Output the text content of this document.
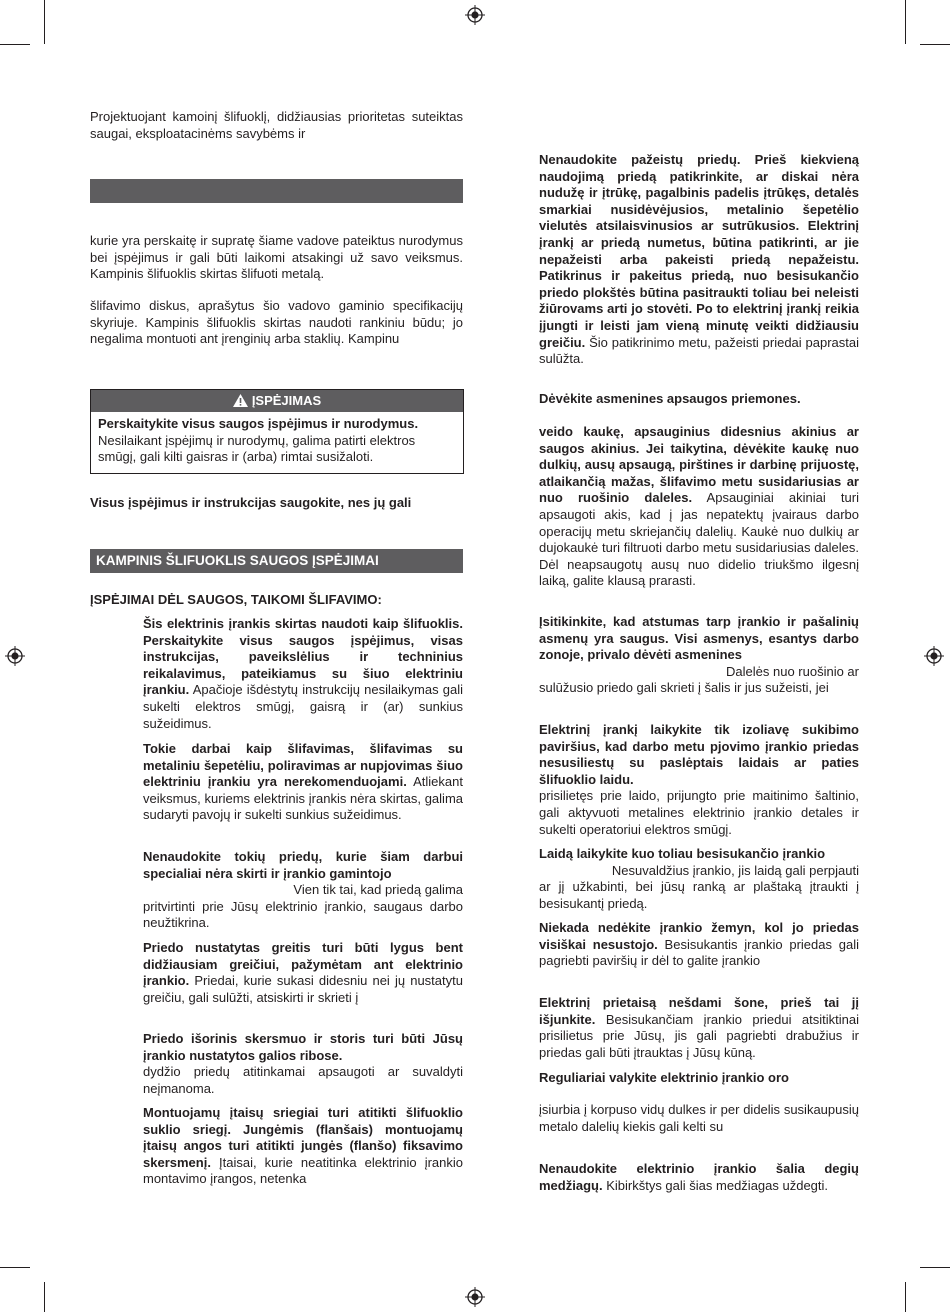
Projektuojant kamoinį šlifuoklį, didžiausias prioritetas suteiktas saugai, eksploatacinėms savybėms ir

kurie yra perskaitę ir supratę šiame vadove pateiktus nurodymus bei įspėjimus ir gali būti laikomi atsakingi už savo veiksmus. Kampinis šlifuoklis skirtas šlifuoti metalą.

šlifavimo diskus, aprašytus šio vadovo gaminio specifikacijų skyriuje. Kampinis šlifuoklis skirtas naudoti rankiniu būdu; jo negalima montuoti ant įrenginių arba staklių. Kampinu

ĮSPĖJIMAS
Perskaitykite visus saugos įspėjimus ir nurodymus. Nesilaikant įspėjimų ir nurodymų, galima patirti elektros smūgį, gali kilti gaisras ir (arba) rimtai susižaloti.

Visus įspėjimus ir instrukcijas saugokite, nes jų gali

KAMPINIS ŠLIFUOKLIS SAUGOS ĮSPĖJIMAI
ĮSPĖJIMAI DĖL SAUGOS, TAIKOMI ŠLIFAVIMO:
Šis elektrinis įrankis skirtas naudoti kaip šlifuoklis. Perskaitykite visus saugos įspėjimus, visas instrukcijas, paveikslėlius ir techninius reikalavimus, pateikiamus su šiuo elektriniu įrankiu. Apačioje išdėstytų instrukcijų nesilaikymas gali sukelti elektros smūgį, gaisrą ir (ar) sunkius sužeidimus.
Tokie darbai kaip šlifavimas, šlifavimas su metaliniu šepetėliu, poliravimas ar nupjovimas šiuo elektriniu įrankiu yra nerekomenduojami. Atliekant veiksmus, kuriems elektrinis įrankis nėra skirtas, galima sudaryti pavojų ir sukelti sunkius sužeidimus.
Nenaudokite tokių priedų, kurie šiam darbui specialiai nėra skirti ir įrankio gamintojo
Vien tik tai, kad priedą galima
pritvirtinti prie Jūsų elektrinio įrankio, saugaus darbo neužtikrina.
Priedo nustatytas greitis turi būti lygus bent didžiausiam greičiui, pažymėtam ant elektrinio įrankio. Priedai, kurie sukasi didesniu nei jų nustatytu greičiu, gali sulūžti, atsiskirti ir skrieti į
Priedo išorinis skersmuo ir storis turi būti Jūsų įrankio nustatytos galios ribose.
dydžio priedų atitinkamai apsaugoti ar suvaldyti neįmanoma.
Montuojamų įtaisų sriegiai turi atitikti šlifuoklio suklio sriegį. Jungėmis (flanšais) montuojamų įtaisų angos turi atitikti jungės (flanšo) fiksavimo skersmenį. Įtaisai, kurie neatitinka elektrinio įrankio montavimo įrangos, netenka
Nenaudokite pažeistų priedų. Prieš kiekvieną naudojimą priedą patikrinkite, ar diskai nėra nudužę ir įtrūkę, pagalbinis padelis įtrūkęs, detalės smarkiai nusidėvėjusios, metalinio šepetėlio vielutės atsilaisvinusios ar sutrūkusios. Elektrinį įrankį ar priedą numetus, būtina patikrinti, ar jie nepažeisti arba pakeisti priedą nepažeistu. Patikrinus ir pakeitus priedą, nuo besisukančio priedo plokštės būtina pasitraukti toliau bei neleisti žiūrovams arti jo stovėti. Po to elektrinį įrankį reikia įjungti ir leisti jam vieną minutę veikti didžiausiu greičiu. Šio patikrinimo metu, pažeisti priedai paprastai sulūžta.
Dėvėkite asmenines apsaugos priemones.
veido kaukę, apsauginius didesnius akinius ar saugos akinius. Jei taikytina, dėvėkite kaukę nuo dulkių, ausų apsaugą, pirštines ir darbinę prijuostę, atlaikančią mažas, šlifavimo metu susidariusias ar nuo ruošinio daleles. Apsauginiai akiniai turi apsaugoti akis, kad į jas nepatektų įvairaus darbo operacijų metu skriejančių dalelių. Kaukė nuo dulkių ar dujokaukė turi filtruoti darbo metu susidariusias daleles. Dėl neapsaugotų ausų nuo didelio triukšmo ilgesnį laiką, galite klausą prarasti.
Įsitikinkite, kad atstumas tarp įrankio ir pašalinių asmenų yra saugus. Visi asmenys, esantys darbo zonoje, privalo dėvėti asmenines
Dalelės nuo ruošinio ar
sulūžusio priedo gali skrieti į šalis ir jus sužeisti, jei
Elektrinį įrankį laikykite tik izoliavę sukibimo paviršius, kad darbo metu pjovimo įrankio priedas nesusiliestų su paslėptais laidais ar paties šlifuoklio laidu.
prisilietęs prie laido, prijungto prie maitinimo šaltinio, gali aktyvuoti metalines elektrinio įrankio detales ir sukelti operatoriui elektros smūgį.
Laidą laikykite kuo toliau besisukančio įrankio
Nesuvaldžius įrankio, jis laidą gali perpjauti
ar jį užkabinti, bei jūsų ranką ar plaštaką įtraukti į besisukantį priedą.
Niekada nedėkite įrankio žemyn, kol jo priedas visiškai nesustojo. Besisukantis įrankio priedas gali pagriebti paviršių ir dėl to galite įrankio
Elektrinį prietaisą nešdami šone, prieš tai jį išjunkite. Besisukančiam įrankio priedui atsitiktinai prisilietus prie Jūsų, jis gali pagriebti drabužius ir priedas gali būti įtrauktas į Jūsų kūną.
Reguliariai valykite elektrinio įrankio oro
įsiurbia į korpuso vidų dulkes ir per didelis susikaupusių metalo dalelių kiekis gali kelti su
Nenaudokite elektrinio įrankio šalia degių medžiagų. Kibirkštys gali šias medžiagas uždegti.
